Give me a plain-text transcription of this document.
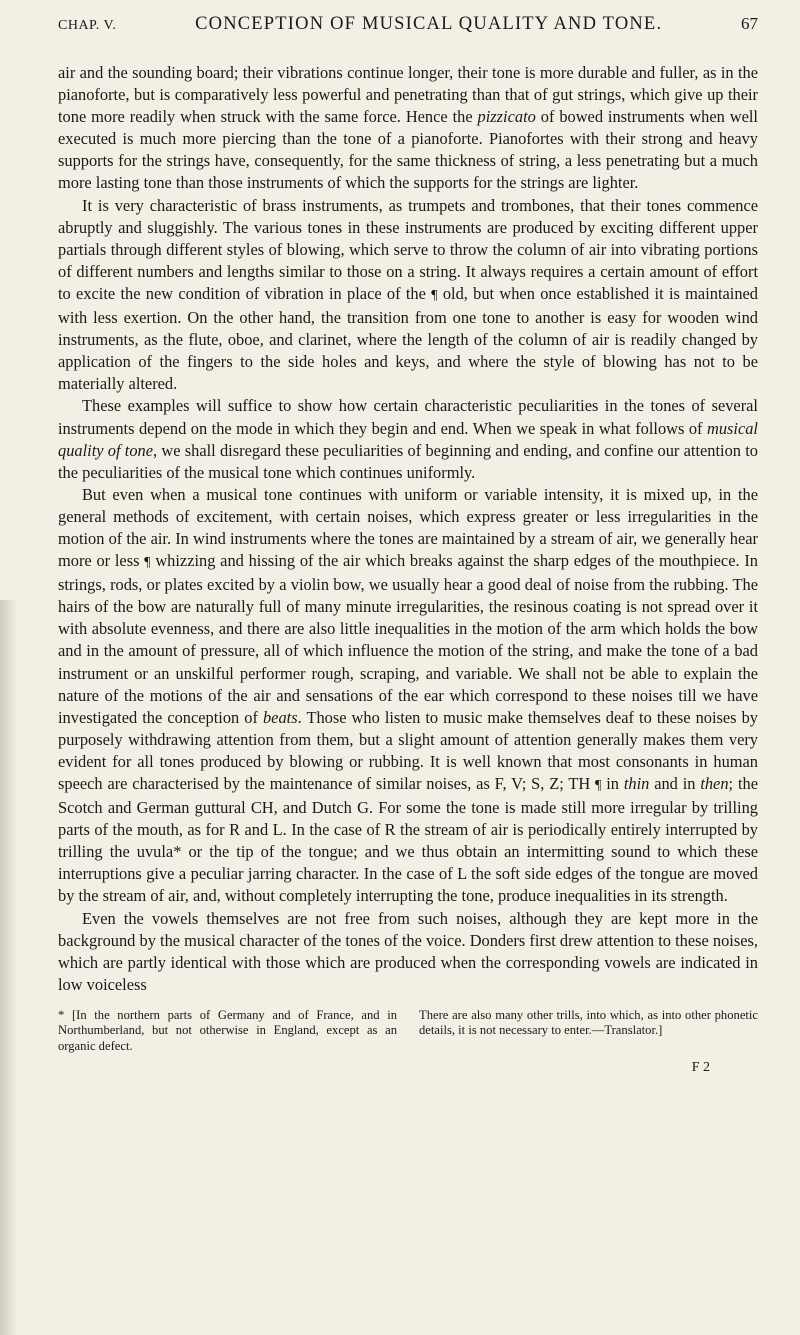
CHAP. V.	CONCEPTION OF MUSICAL QUALITY AND TONE.	67

air and the sounding board; their vibrations continue longer, their tone is more durable and fuller, as in the pianoforte, but is comparatively less powerful and penetrating than that of gut strings, which give up their tone more readily when struck with the same force. Hence the pizzicato of bowed instruments when well executed is much more piercing than the tone of a pianoforte. Pianofortes with their strong and heavy supports for the strings have, consequently, for the same thickness of string, a less penetrating but a much more lasting tone than those instruments of which the supports for the strings are lighter.

It is very characteristic of brass instruments, as trumpets and trombones, that their tones commence abruptly and sluggishly. The various tones in these instruments are produced by exciting different upper partials through different styles of blowing, which serve to throw the column of air into vibrating portions of different numbers and lengths similar to those on a string. It always requires a certain amount of effort to excite the new condition of vibration in place of the ¶ old, but when once established it is maintained with less exertion. On the other hand, the transition from one tone to another is easy for wooden wind instruments, as the flute, oboe, and clarinet, where the length of the column of air is readily changed by application of the fingers to the side holes and keys, and where the style of blowing has not to be materially altered.

These examples will suffice to show how certain characteristic peculiarities in the tones of several instruments depend on the mode in which they begin and end. When we speak in what follows of musical quality of tone, we shall disregard these peculiarities of beginning and ending, and confine our attention to the peculiarities of the musical tone which continues uniformly.

But even when a musical tone continues with uniform or variable intensity, it is mixed up, in the general methods of excitement, with certain noises, which express greater or less irregularities in the motion of the air. In wind instruments where the tones are maintained by a stream of air, we generally hear more or less ¶ whizzing and hissing of the air which breaks against the sharp edges of the mouthpiece. In strings, rods, or plates excited by a violin bow, we usually hear a good deal of noise from the rubbing. The hairs of the bow are naturally full of many minute irregularities, the resinous coating is not spread over it with absolute evenness, and there are also little inequalities in the motion of the arm which holds the bow and in the amount of pressure, all of which influence the motion of the string, and make the tone of a bad instrument or an unskilful performer rough, scraping, and variable. We shall not be able to explain the nature of the motions of the air and sensations of the ear which correspond to these noises till we have investigated the conception of beats. Those who listen to music make themselves deaf to these noises by purposely withdrawing attention from them, but a slight amount of attention generally makes them very evident for all tones produced by blowing or rubbing. It is well known that most consonants in human speech are characterised by the maintenance of similar noises, as F, V; S, Z; TH ¶ in thin and in then; the Scotch and German guttural CH, and Dutch G. For some the tone is made still more irregular by trilling parts of the mouth, as for R and L. In the case of R the stream of air is periodically entirely interrupted by trilling the uvula* or the tip of the tongue; and we thus obtain an intermitting sound to which these interruptions give a peculiar jarring character. In the case of L the soft side edges of the tongue are moved by the stream of air, and, without completely interrupting the tone, produce inequalities in its strength.

Even the vowels themselves are not free from such noises, although they are kept more in the background by the musical character of the tones of the voice. Donders first drew attention to these noises, which are partly identical with those which are produced when the corresponding vowels are indicated in low voiceless

* [In the northern parts of Germany and of France, and in Northumberland, but not otherwise in England, except as an organic defect.
There are also many other trills, into which, as into other phonetic details, it is not necessary to enter.—Translator.]
F 2
